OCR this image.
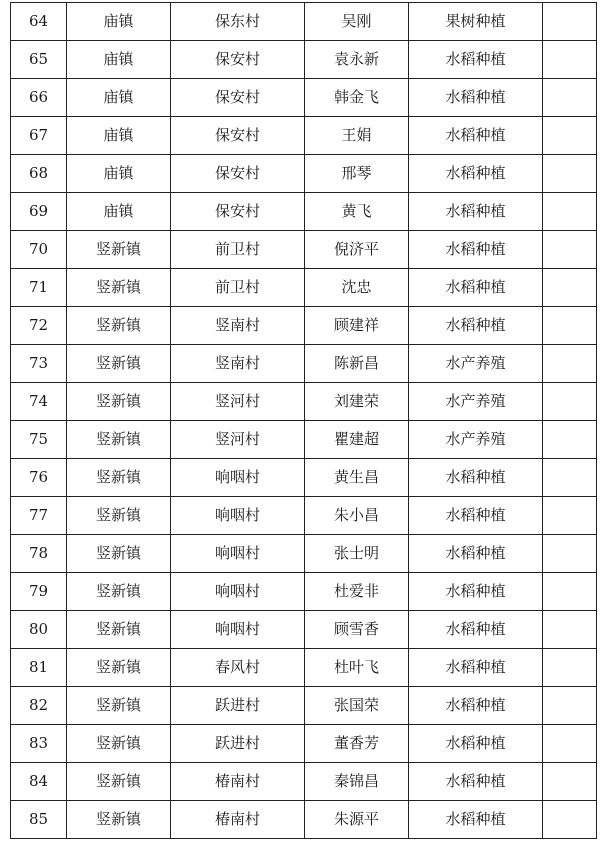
64	庙镇	保东村	吴刚	果树种植	
65	庙镇	保安村	袁永新	水稻种植	
66	庙镇	保安村	韩金飞	水稻种植	
67	庙镇	保安村	王娟	水稻种植	
68	庙镇	保安村	邢琴	水稻种植	
69	庙镇	保安村	黄飞	水稻种植	
70	竖新镇	前卫村	倪济平	水稻种植	
71	竖新镇	前卫村	沈忠	水稻种植	
72	竖新镇	竖南村	顾建祥	水稻种植	
73	竖新镇	竖南村	陈新昌	水产养殖	
74	竖新镇	竖河村	刘建荣	水产养殖	
75	竖新镇	竖河村	瞿建超	水产养殖	
76	竖新镇	响咽村	黄生昌	水稻种植	
77	竖新镇	响咽村	朱小昌	水稻种植	
78	竖新镇	响咽村	张士明	水稻种植	
79	竖新镇	响咽村	杜爱非	水稻种植	
80	竖新镇	响咽村	顾雪香	水稻种植	
81	竖新镇	春风村	杜叶飞	水稻种植	
82	竖新镇	跃进村	张国荣	水稻种植	
83	竖新镇	跃进村	董香芳	水稻种植	
84	竖新镇	椿南村	秦锦昌	水稻种植	
85	竖新镇	椿南村	朱源平	水稻种植	
